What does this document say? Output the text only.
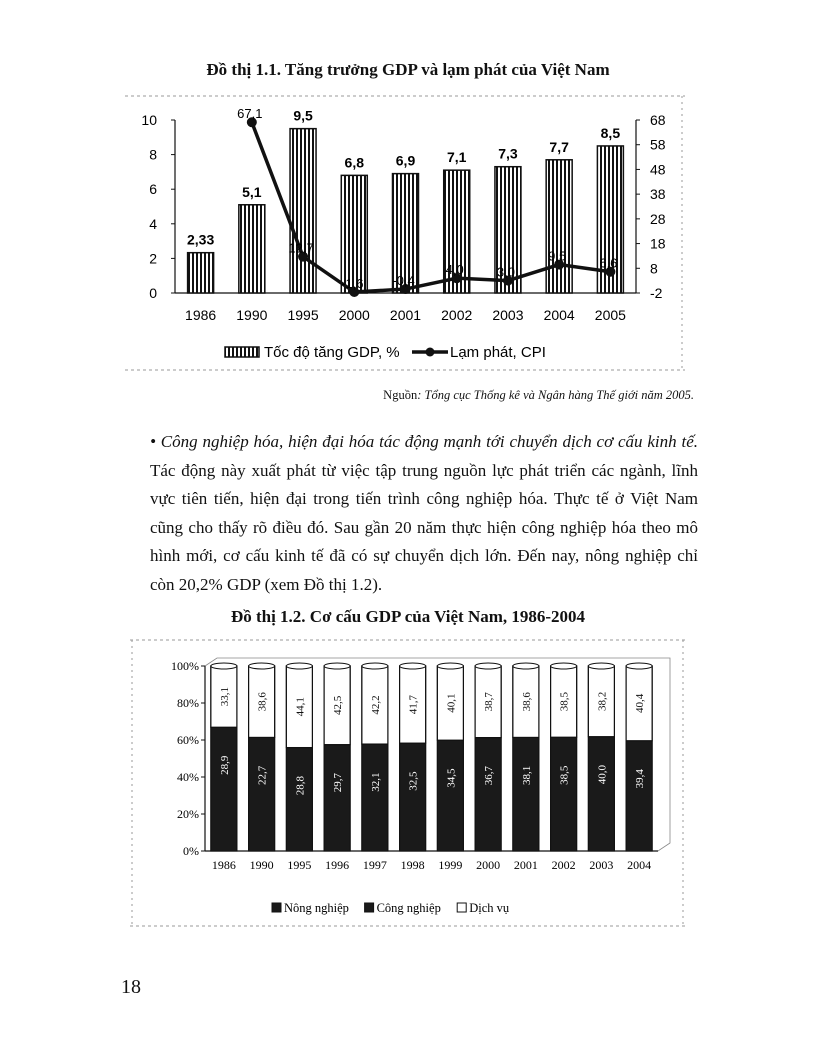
Đồ thị 1.1. Tăng trưởng GDP và lạm phát của Việt Nam
0
2
4
6
8
10
-2
8
18
28
38
48
58
68
1986 1990 1995 2000 2001 2002 2003 2004 2005
2,33
5,1
9,5
6,8 6,9 7,1 7,3 7,7
8,5
67,1
12,7
-1,6 -0,4
4,0	3,0
9,5	6,6
Tốc độ tăng GDP, %	Lạm phát, CPI
Nguồn: Tổng cục Thống kê và Ngân hàng Thế giới năm 2005.
• Công nghiệp hóa, hiện đại hóa tác động mạnh tới chuyển dịch cơ cấu kinh tế. Tác động này xuất phát từ việc tập trung nguồn lực phát triển các ngành, lĩnh vực tiên tiến, hiện đại trong tiến trình công nghiệp hóa. Thực tế ở Việt Nam cũng cho thấy rõ điều đó. Sau gần 20 năm thực hiện công nghiệp hóa theo mô hình mới, cơ cấu kinh tế đã có sự chuyển dịch lớn. Đến nay, nông nghiệp chỉ còn 20,2% GDP (xem Đồ thị 1.2).
Đồ thị 1.2. Cơ cấu GDP của Việt Nam, 1986-2004
0%
20%
40%
60%
80%
100%
1986 1990 1995 1996 1997 1998 1999 2000 2001 2002 2003 2004
33,1
28,9
38,6
22,7
44,1
28,8
42,5
29,7
42,2
32,1
41,7
32,5
40,1
34,5
38,7
36,7
38,6
38,1
38,5
38,5
38,2
40,0
40,4
39,4
Nông nghiệp Công nghiệp Dịch vụ
18
